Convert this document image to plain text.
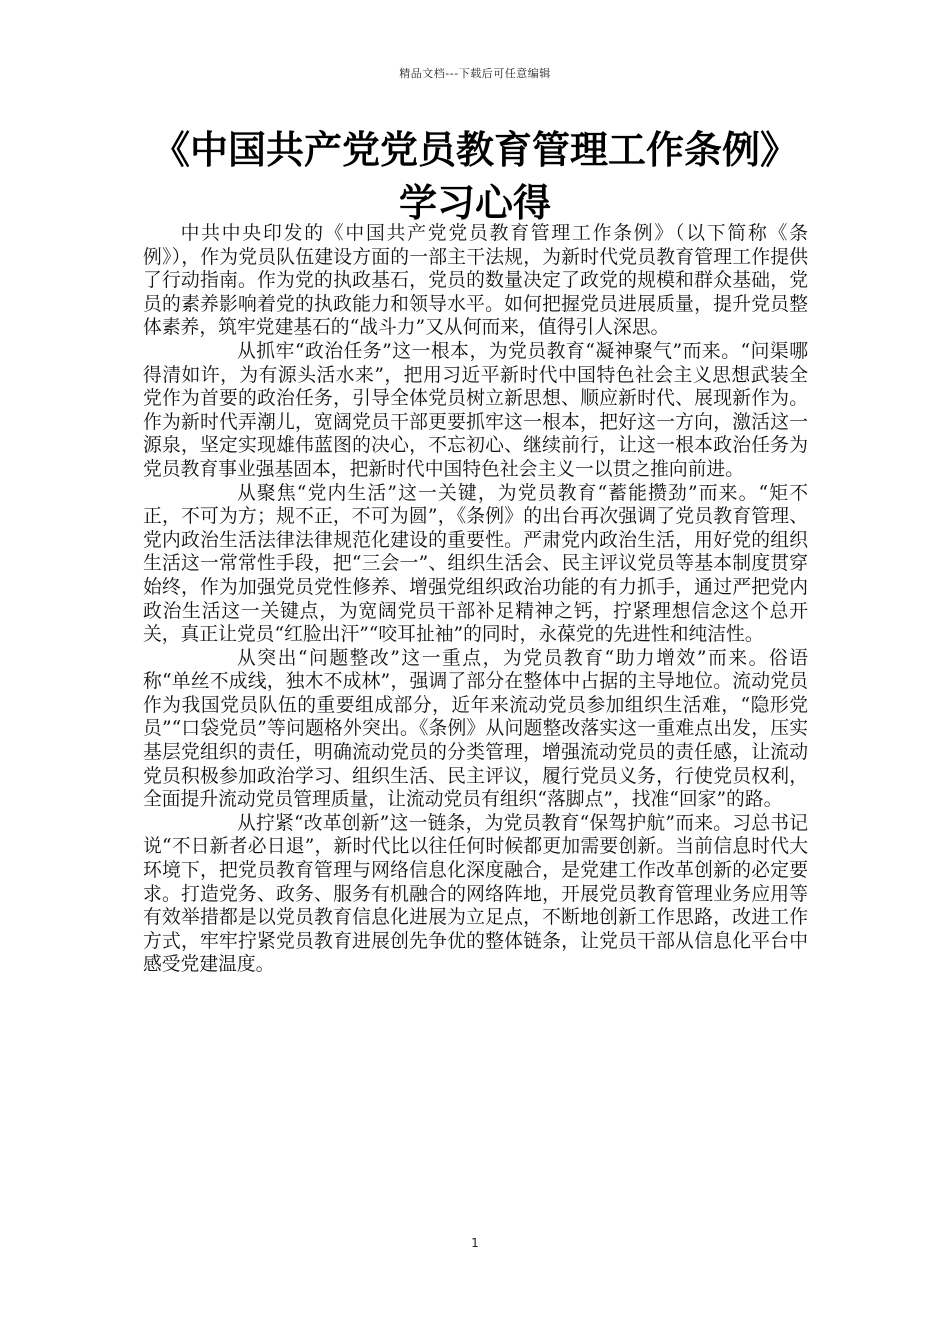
精品文档---下载后可任意编辑
《中国共产党党员教育管理工作条例》
学习心得

中共中央印发的《中国共产党党员教育管理工作条例》（以下简称《条例》），作为党员队伍建设方面的一部主干法规，为新时代党员教育管理工作提供了行动指南。作为党的执政基石，党员的数量决定了政党的规模和群众基础，党员的素养影响着党的执政能力和领导水平。如何把握党员进展质量，提升党员整体素养，筑牢党建基石的“战斗力”又从何而来，值得引人深思。

从抓牢“政治任务”这一根本，为党员教育“凝神聚气”而来。“问渠哪得清如许，为有源头活水来”，把用习近平新时代中国特色社会主义思想武装全党作为首要的政治任务，引导全体党员树立新思想、顺应新时代、展现新作为。作为新时代弄潮儿，宽阔党员干部更要抓牢这一根本，把好这一方向，激活这一源泉，坚定实现雄伟蓝图的决心，不忘初心、继续前行，让这一根本政治任务为党员教育事业强基固本，把新时代中国特色社会主义一以贯之推向前进。

从聚焦“党内生活”这一关键，为党员教育“蓄能攒劲”而来。“矩不正，不可为方；规不正，不可为圆”，《条例》的出台再次强调了党员教育管理、党内政治生活法律法律规范化建设的重要性。严肃党内政治生活，用好党的组织生活这一常常性手段，把“三会一”、组织生活会、民主评议党员等基本制度贯穿始终，作为加强党员党性修养、增强党组织政治功能的有力抓手，通过严把党内政治生活这一关键点，为宽阔党员干部补足精神之钙，拧紧理想信念这个总开关，真正让党员“红脸出汗”“咬耳扯袖”的同时，永葆党的先进性和纯洁性。

从突出“问题整改”这一重点，为党员教育“助力增效”而来。俗语称“单丝不成线，独木不成林”，强调了部分在整体中占据的主导地位。流动党员作为我国党员队伍的重要组成部分，近年来流动党员参加组织生活难，“隐形党员”“口袋党员”等问题格外突出。《条例》从问题整改落实这一重难点出发，压实基层党组织的责任，明确流动党员的分类管理，增强流动党员的责任感，让流动党员积极参加政治学习、组织生活、民主评议，履行党员义务，行使党员权利，全面提升流动党员管理质量，让流动党员有组织“落脚点”，找准“回家”的路。

从拧紧“改革创新”这一链条，为党员教育“保驾护航”而来。习总书记说“不日新者必日退”，新时代比以往任何时候都更加需要创新。当前信息时代大环境下，把党员教育管理与网络信息化深度融合，是党建工作改革创新的必定要求。打造党务、政务、服务有机融合的网络阵地，开展党员教育管理业务应用等有效举措都是以党员教育信息化进展为立足点，不断地创新工作思路，改进工作方式，牢牢拧紧党员教育进展创先争优的整体链条，让党员干部从信息化平台中感受党建温度。

1
